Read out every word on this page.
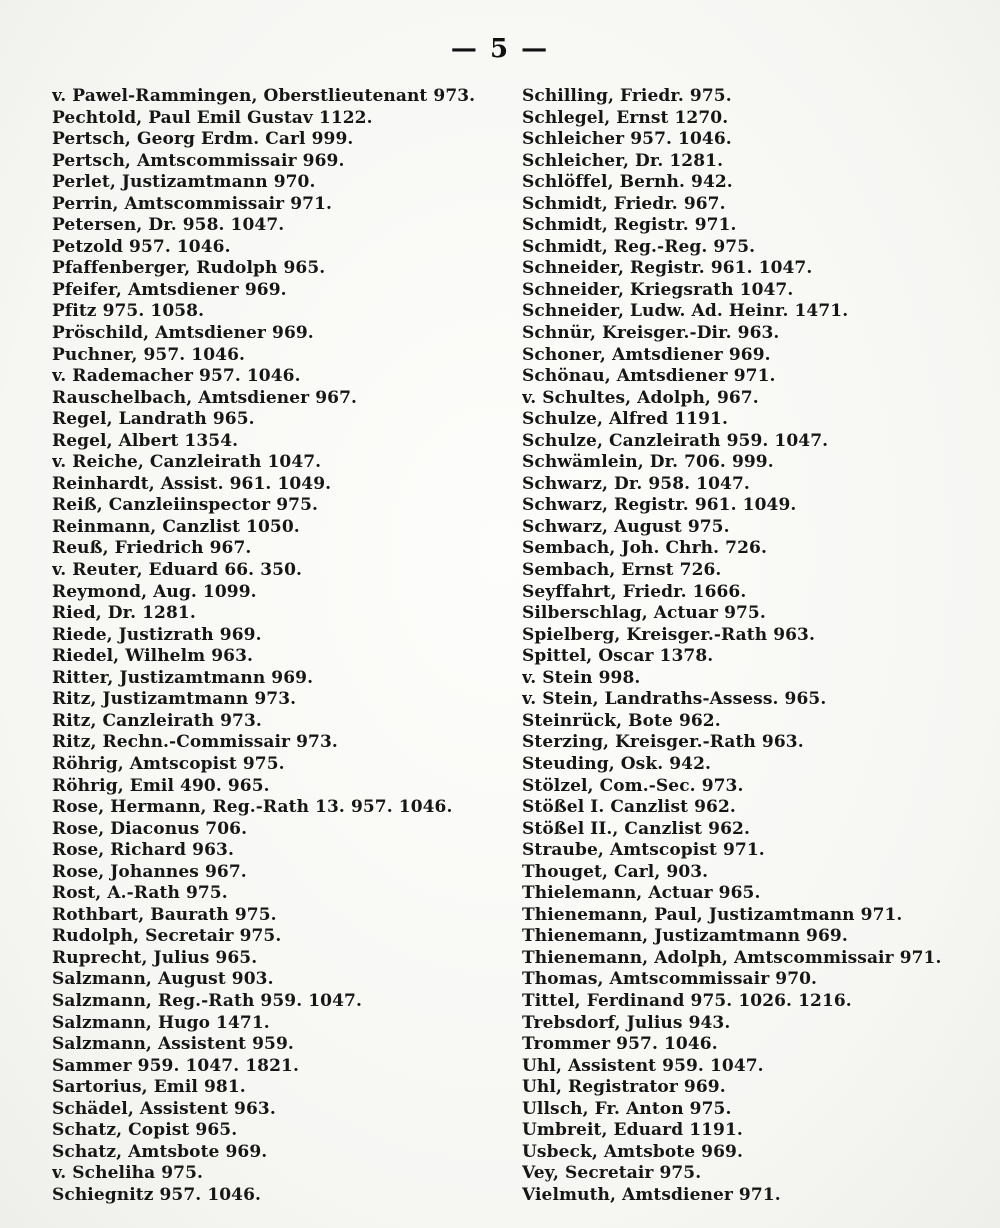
— 5 —
v. Pawel-Rammingen, Oberstlieutenant 973.
Pechtold, Paul Emil Gustav 1122.
Pertsch, Georg Erdm. Carl 999.
Pertsch, Amtscommissair 969.
Perlet, Justizamtmann 970.
Perrin, Amtscommissair 971.
Petersen, Dr. 958. 1047.
Petzold 957. 1046.
Pfaffenberger, Rudolph 965.
Pfeifer, Amtsdiener 969.
Pfitz 975. 1058.
Pröschild, Amtsdiener 969.
Puchner, 957. 1046.
v. Rademacher 957. 1046.
Rauschelbach, Amtsdiener 967.
Regel, Landrath 965.
Regel, Albert 1354.
v. Reiche, Canzleirath 1047.
Reinhardt, Assist. 961. 1049.
Reiß, Canzleiinspector 975.
Reinmann, Canzlist 1050.
Reuß, Friedrich 967.
v. Reuter, Eduard 66. 350.
Reymond, Aug. 1099.
Ried, Dr. 1281.
Riede, Justizrath 969.
Riedel, Wilhelm 963.
Ritter, Justizamtmann 969.
Ritz, Justizamtmann 973.
Ritz, Canzleirath 973.
Ritz, Rechn.-Commissair 973.
Röhrig, Amtscopist 975.
Röhrig, Emil 490. 965.
Rose, Hermann, Reg.-Rath 13. 957. 1046.
Rose, Diaconus 706.
Rose, Richard 963.
Rose, Johannes 967.
Rost, A.-Rath 975.
Rothbart, Baurath 975.
Rudolph, Secretair 975.
Ruprecht, Julius 965.
Salzmann, August 903.
Salzmann, Reg.-Rath 959. 1047.
Salzmann, Hugo 1471.
Salzmann, Assistent 959.
Sammer 959. 1047. 1821.
Sartorius, Emil 981.
Schädel, Assistent 963.
Schatz, Copist 965.
Schatz, Amtsbote 969.
v. Scheliha 975.
Schiegnitz 957. 1046.
Schilling, Friedr. 975.
Schlegel, Ernst 1270.
Schleicher 957. 1046.
Schleicher, Dr. 1281.
Schlöffel, Bernh. 942.
Schmidt, Friedr. 967.
Schmidt, Registr. 971.
Schmidt, Reg.-Reg. 975.
Schneider, Registr. 961. 1047.
Schneider, Kriegsrath 1047.
Schneider, Ludw. Ad. Heinr. 1471.
Schnür, Kreisger.-Dir. 963.
Schoner, Amtsdiener 969.
Schönau, Amtsdiener 971.
v. Schultes, Adolph, 967.
Schulze, Alfred 1191.
Schulze, Canzleirath 959. 1047.
Schwämlein, Dr. 706. 999.
Schwarz, Dr. 958. 1047.
Schwarz, Registr. 961. 1049.
Schwarz, August 975.
Sembach, Joh. Chrh. 726.
Sembach, Ernst 726.
Seyffahrt, Friedr. 1666.
Silberschlag, Actuar 975.
Spielberg, Kreisger.-Rath 963.
Spittel, Oscar 1378.
v. Stein 998.
v. Stein, Landraths-Assess. 965.
Steinrück, Bote 962.
Sterzing, Kreisger.-Rath 963.
Steuding, Osk. 942.
Stölzel, Com.-Sec. 973.
Stößel I. Canzlist 962.
Stößel II., Canzlist 962.
Straube, Amtscopist 971.
Thouget, Carl, 903.
Thielemann, Actuar 965.
Thienemann, Paul, Justizamtmann 971.
Thienemann, Justizamtmann 969.
Thienemann, Adolph, Amtscommissair 971.
Thomas, Amtscommissair 970.
Tittel, Ferdinand 975. 1026. 1216.
Trebsdorf, Julius 943.
Trommer 957. 1046.
Uhl, Assistent 959. 1047.
Uhl, Registrator 969.
Ullsch, Fr. Anton 975.
Umbreit, Eduard 1191.
Usbeck, Amtsbote 969.
Vey, Secretair 975.
Vielmuth, Amtsdiener 971.
